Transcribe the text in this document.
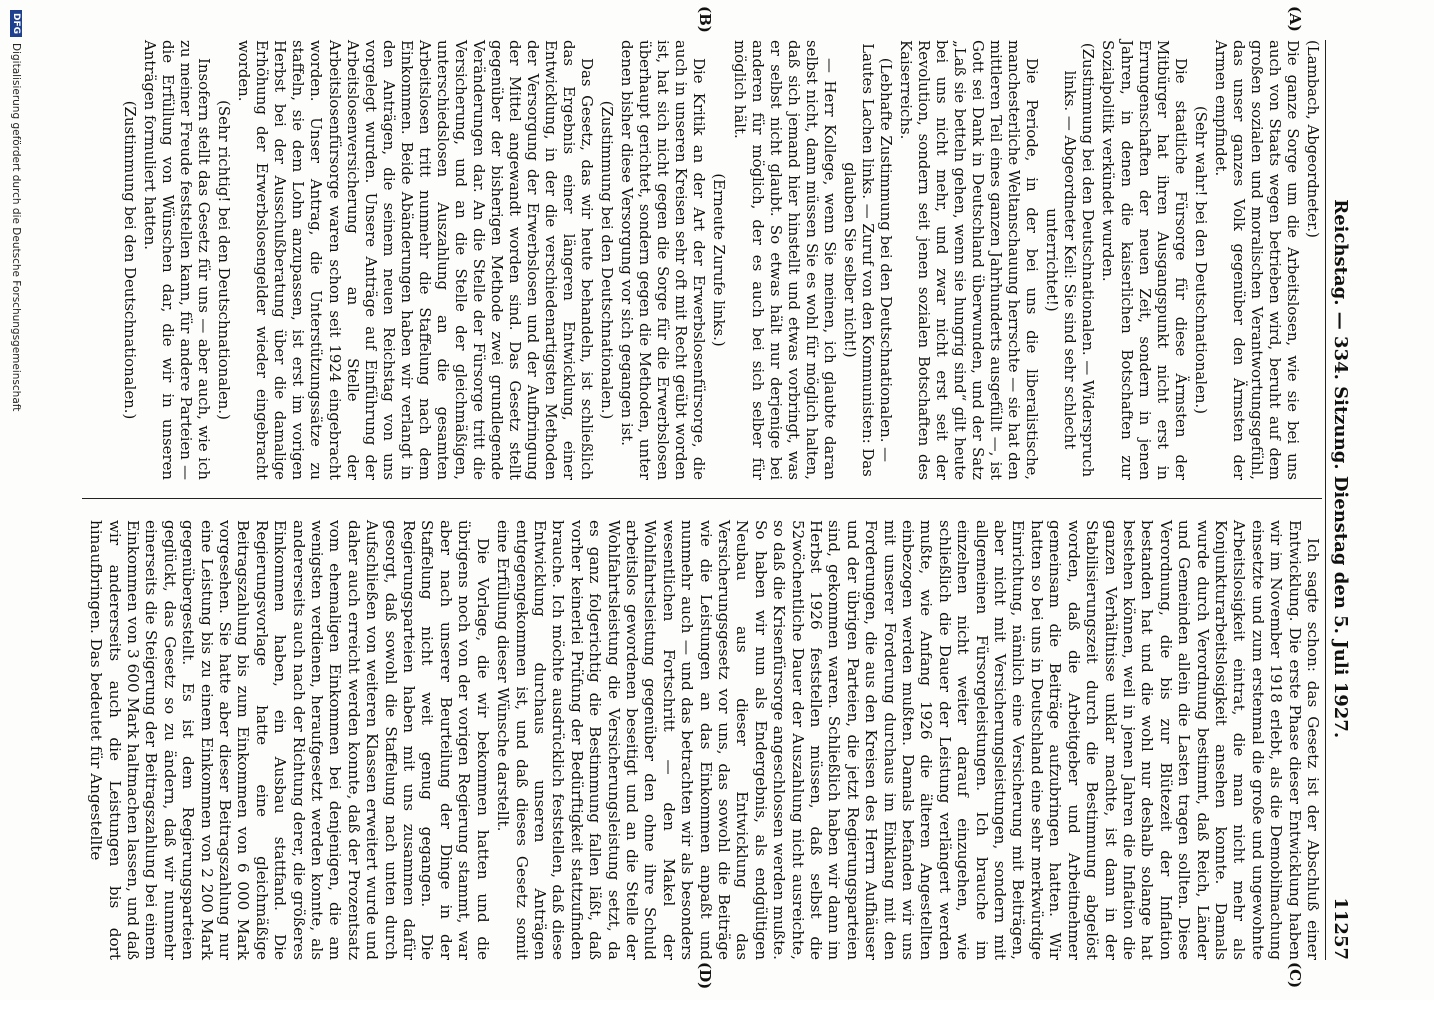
Reichstag. — 334. Sitzung. Dienstag den 5. Juli 1927.
11257
(A)
(B)
(C)
(D)

(Lambach, Abgeordneter.)

Die ganze Sorge um die Arbeitslosen, wie sie bei uns auch von Staats wegen betrieben wird, beruht auf dem großen sozialen und moralischen Verantwortungsgefühl, das unser ganzes Volk gegenüber den Ärmsten der Armen empfindet.

(Sehr wahr! bei den Deutschnationalen.)

Die staatliche Fürsorge für diese Ärmsten der Mitbürger hat ihren Ausgangspunkt nicht erst in Errungenschaften der neuen Zeit, sondern in jenen Jahren, in denen die kaiserlichen Botschaften zur Sozialpolitik verkündet wurden.

(Zustimmung bei den Deutschnationalen. — Widerspruch links. — Abgeordneter Keil: Sie sind sehr schlecht unterrichtet!)

Die Periode, in der bei uns die liberalistische, manchesterliche Weltanschauung herrschte — sie hat den mittleren Teil eines ganzen Jahrhunderts ausgefüllt —, ist Gott sei Dank in Deutschland überwunden, und der Satz „Laß sie betteln gehen, wenn sie hungrig sind“ gilt heute bei uns nicht mehr, und zwar nicht erst seit der Revolution, sondern seit jenen sozialen Botschaften des Kaiserreichs.

(Lebhafte Zustimmung bei den Deutschnationalen. — Lautes Lachen links. — Zuruf von den Kommunisten: Das glauben Sie selber nicht!)

— Herr Kollege, wenn Sie meinen, ich glaubte daran selbst nicht, dann müssen Sie es wohl für möglich halten, daß sich jemand hier hinstellt und etwas vorbringt, was er selbst nicht glaubt. So etwas hält nur derjenige bei anderen für möglich, der es auch bei sich selber für möglich hält.

(Erneute Zurufe links.)

Die Kritik an der Art der Erwerbslosenfürsorge, die auch in unseren Kreisen sehr oft mit Recht geübt worden ist, hat sich nicht gegen die Sorge für die Erwerbslosen überhaupt gerichtet, sondern gegen die Methoden, unter denen bisher diese Versorgung vor sich gegangen ist.

(Zustimmung bei den Deutschnationalen.)

Das Gesetz, das wir heute behandeln, ist schließlich das Ergebnis einer längeren Entwicklung, einer Entwicklung, in der die verschiedenartigsten Methoden der Versorgung der Erwerbslosen und der Aufbringung der Mittel angewandt worden sind. Das Gesetz stellt gegenüber der bisherigen Methode zwei grundlegende Veränderungen dar. An die Stelle der Fürsorge tritt die Versicherung, und an die Stelle der gleichmäßigen, unterschiedslosen Auszahlung an die gesamten Arbeitslosen tritt nunmehr die Staffelung nach dem Einkommen. Beide Abänderungen haben wir verlangt in den Anträgen, die seinem neuen Reichstag von uns vorgelegt wurden. Unsere Anträge auf Einführung der Arbeitslosenversicherung an Stelle der Arbeitslosenfürsorge waren schon seit 1924 eingebracht worden. Unser Antrag, die Unterstützungssätze zu staffeln, sie dem Lohn anzupassen, ist erst im vorigen Herbst bei der Ausschußberatung über die damalige Erhöhung der Erwerbslosengelder wieder eingebracht worden.

(Sehr richtig! bei den Deutschnationalen.)

Insofern stellt das Gesetz für uns — aber auch, wie ich zu meiner Freude feststellen kann, für andere Parteien — die Erfüllung von Wünschen dar, die wir in unseren Anträgen formuliert hatten.

(Zustimmung bei den Deutschnationalen.)

Ich sagte schon: das Gesetz ist der Abschluß einer Entwicklung. Die erste Phase dieser Entwicklung haben wir im November 1918 erlebt, als die Demobilmachung einsetzte und zum erstenmal die große und ungewohnte Arbeitslosigkeit eintrat, die man nicht mehr als Konjunkturarbeitslosigkeit ansehen konnte. Damals wurde durch Verordnung bestimmt, daß Reich, Länder und Gemeinden allein die Lasten tragen sollten. Diese Verordnung, die bis zur Blütezeit der Inflation bestanden hat und die wohl nur deshalb solange hat bestehen können, weil in jenen Jahren die Inflation die ganzen Verhältnisse unklar machte, ist dann in der Stabilisierungszeit durch die Bestimmung abgelöst worden, daß die Arbeitgeber und Arbeitnehmer gemeinsam die Beiträge aufzubringen hatten. Wir hatten so bei uns in Deutschland eine sehr merkwürdige Einrichtung, nämlich eine Versicherung mit Beiträgen, aber nicht mit Versicherungsleistungen, sondern mit allgemeinen Fürsorgeleistungen. Ich brauche im einzelnen nicht weiter darauf einzugehen, wie schließlich die Dauer der Leistung verlängert werden mußte, wie Anfang 1926 die älteren Angestellten einbezogen werden mußten. Damals befanden wir uns mit unserer Forderung durchaus im Einklang mit den Forderungen, die aus den Kreisen des Herrn Aufhäuser und der übrigen Parteien, die jetzt Regierungsparteien sind, gekommen waren. Schließlich haben wir dann im Herbst 1926 feststellen müssen, daß selbst die 52wöchentliche Dauer der Auszahlung nicht ausreichte, so daß die Krisenfürsorge angeschlossen werden mußte. So haben wir nun als Endergebnis, als endgültigen Neubau aus dieser Entwicklung das Versicherungsgesetz vor uns, das sowohl die Beiträge wie die Leistungen an das Einkommen anpaßt und nunmehr auch — und das betrachten wir als besonders wesentlichen Fortschritt — den Makel der Wohlfahrtsleistung gegenüber den ohne ihre Schuld arbeitslos gewordenen beseitigt und an die Stelle der Wohlfahrtsleistung die Versicherungsleistung setzt, da es ganz folgerichtig die Bestimmung fallen läßt, daß vorher keinerlei Prüfung der Bedürftigkeit stattzufinden brauche. Ich möchte ausdrücklich feststellen, daß diese Entwicklung durchaus unseren Anträgen entgegengekommen ist, und daß dieses Gesetz somit eine Erfüllung dieser Wünsche darstellt.

Die Vorlage, die wir bekommen hatten und die übrigens noch von der vorigen Regierung stammt, war aber nach unserer Beurteilung der Dinge in der Staffelung nicht weit genug gegangen. Die Regierungsparteien haben mit uns zusammen dafür gesorgt, daß sowohl die Staffelung nach unten durch Aufschließen von weiteren Klassen erweitert wurde und daher auch erreicht werden konnte, daß der Prozentsatz vom ehemaligen Einkommen bei denjenigen, die am wenigsten verdienen, heraufgesetzt werden konnte, als andererseits auch nach der Richtung derer, die größeres Einkommen haben, ein Ausbau stattfand. Die Regierungsvorlage hatte eine gleichmäßige Beitragszahlung bis zum Einkommen von 6 000 Mark vorgesehen. Sie hatte aber dieser Beitragszahlung nur eine Leistung bis zu einem Einkommen von 2 200 Mark gegenübergestellt. Es ist dem Regierungsparteien geglückt, das Gesetz so zu ändern, daß wir nunmehr einerseits die Steigerung der Beitragszahlung bei einem Einkommen von 3 600 Mark haltmachen lassen, und daß wir andererseits auch die Leistungen bis dort hinaufbringen. Das bedeutet für Angestellte

DFG
Digitalisierung gefördert durch die Deutsche Forschungsgemeinschaft
